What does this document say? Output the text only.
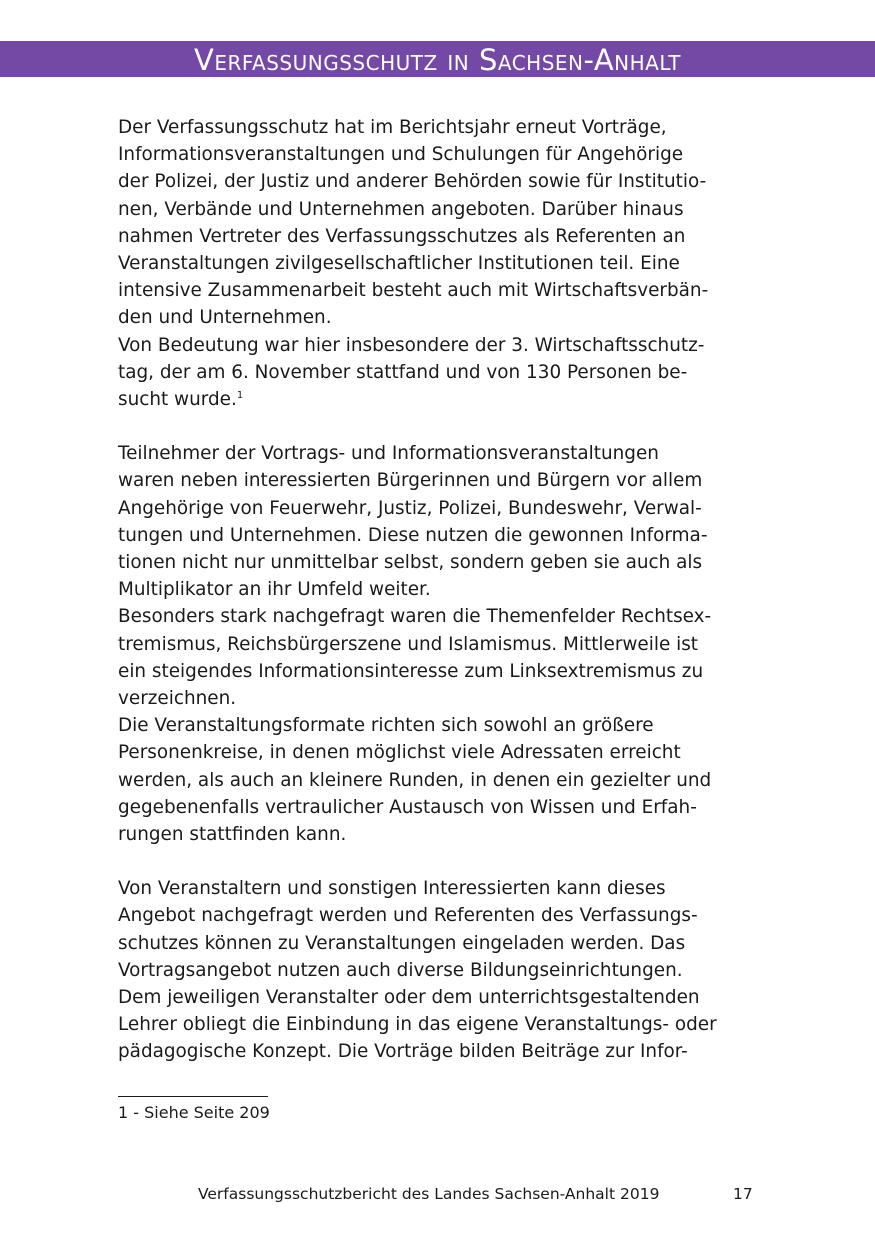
Verfassungsschutz in Sachsen-Anhalt
Der Verfassungsschutz hat im Berichtsjahr erneut Vorträge,
Informationsveranstaltungen und Schulungen für Angehörige
der Polizei, der Justiz und anderer Behörden sowie für Institutio-
nen, Verbände und Unternehmen angeboten. Darüber hinaus
nahmen Vertreter des Verfassungsschutzes als Referenten an
Veranstaltungen zivilgesellschaftlicher Institutionen teil. Eine
intensive Zusammenarbeit besteht auch mit Wirtschaftsverbän-
den und Unternehmen.
Von Bedeutung war hier insbesondere der 3. Wirtschaftsschutz-
tag, der am 6. November stattfand und von 130 Personen be-
sucht wurde.$^1$
Teilnehmer der Vortrags- und Informationsveranstaltungen
waren neben interessierten Bürgerinnen und Bürgern vor allem
Angehörige von Feuerwehr, Justiz, Polizei, Bundeswehr, Verwal-
tungen und Unternehmen. Diese nutzen die gewonnen Informa-
tionen nicht nur unmittelbar selbst, sondern geben sie auch als
Multiplikator an ihr Umfeld weiter.
Besonders stark nachgefragt waren die Themenfelder Rechtsex-
tremismus, Reichsbürgerszene und Islamismus. Mittlerweile ist
ein steigendes Informationsinteresse zum Linksextremismus zu
verzeichnen.
Die Veranstaltungsformate richten sich sowohl an größere
Personenkreise, in denen möglichst viele Adressaten erreicht
werden, als auch an kleinere Runden, in denen ein gezielter und
gegebenenfalls vertraulicher Austausch von Wissen und Erfah-
rungen stattfinden kann.
Von Veranstaltern und sonstigen Interessierten kann dieses
Angebot nachgefragt werden und Referenten des Verfassungs-
schutzes können zu Veranstaltungen eingeladen werden. Das
Vortragsangebot nutzen auch diverse Bildungseinrichtungen.
Dem jeweiligen Veranstalter oder dem unterrichtsgestaltenden
Lehrer obliegt die Einbindung in das eigene Veranstaltungs- oder
pädagogische Konzept. Die Vorträge bilden Beiträge zur Infor-
1 - Siehe Seite 209
Verfassungsschutzbericht des Landes Sachsen-Anhalt 2019	17
